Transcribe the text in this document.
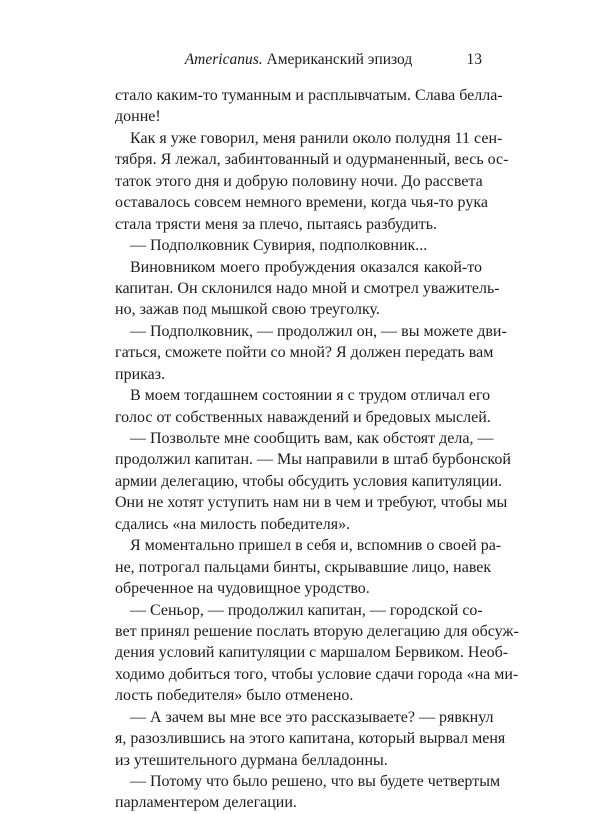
Americanus. Американский эпизод	13
стало каким-то туманным и расплывчатым. Слава белла-
донне!
Как я уже говорил, меня ранили около полудня 11 сен-
тября. Я лежал, забинтованный и одурманенный, весь ос-
таток этого дня и добрую половину ночи. До рассвета
оставалось совсем немного времени, когда чья-то рука
стала трясти меня за плечо, пытаясь разбудить.
— Подполковник Сувирия, подполковник...
Виновником моего пробуждения оказался какой-то
капитан. Он склонился надо мной и смотрел уважитель-
но, зажав под мышкой свою треуголку.
— Подполковник, — продолжил он, — вы можете дви-
гаться, сможете пойти со мной? Я должен передать вам
приказ.
В моем тогдашнем состоянии я с трудом отличал его
голос от собственных наваждений и бредовых мыслей.
— Позвольте мне сообщить вам, как обстоят дела, —
продолжил капитан. — Мы направили в штаб бурбонской
армии делегацию, чтобы обсудить условия капитуляции.
Они не хотят уступить нам ни в чем и требуют, чтобы мы
сдались «на милость победителя».
Я моментально пришел в себя и, вспомнив о своей ра-
не, потрогал пальцами бинты, скрывавшие лицо, навек
обреченное на чудовищное уродство.
— Сеньор, — продолжил капитан, — городской со-
вет принял решение послать вторую делегацию для обсуж-
дения условий капитуляции с маршалом Бервиком. Необ-
ходимо добиться того, чтобы условие сдачи города «на ми-
лость победителя» было отменено.
— А зачем вы мне все это рассказываете? — рявкнул
я, разозлившись на этого капитана, который вырвал меня
из утешительного дурмана белладонны.
— Потому что было решено, что вы будете четвертым
парламентером делегации.
